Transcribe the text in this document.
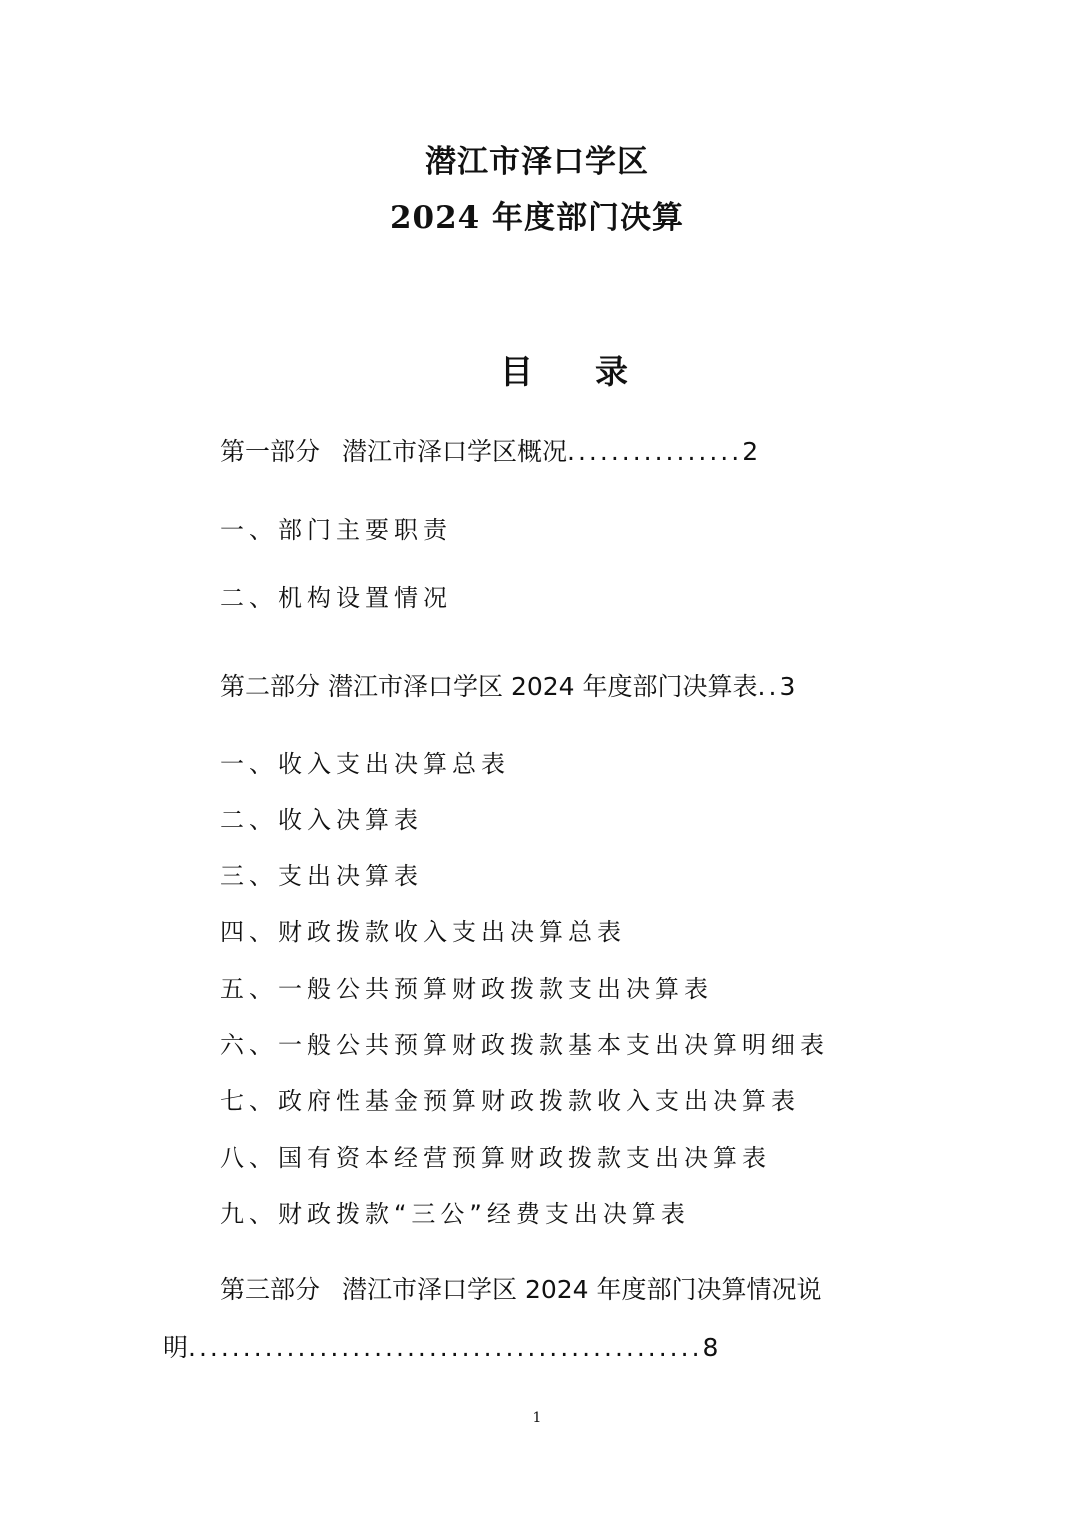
潜江市泽口学区
2024 年度部门决算
目 录
第一部分 潜江市泽口学区概况................2
一、部门主要职责
二、机构设置情况
第二部分 潜江市泽口学区 2024 年度部门决算表..3
一、收入支出决算总表
二、收入决算表
三、支出决算表
四、财政拨款收入支出决算总表
五、一般公共预算财政拨款支出决算表
六、一般公共预算财政拨款基本支出决算明细表
七、政府性基金预算财政拨款收入支出决算表
八、国有资本经营预算财政拨款支出决算表
九、财政拨款“三公”经费支出决算表
第三部分 潜江市泽口学区 2024 年度部门决算情况说
明...............................................8
1
